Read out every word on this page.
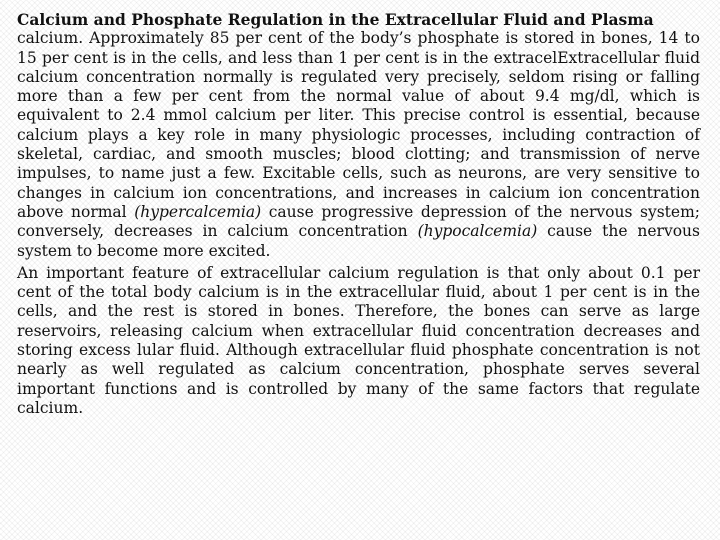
Calcium and Phosphate Regulation in the Extracellular Fluid and Plasma

calcium. Approximately 85 per cent of the body’s phosphate is stored in bones, 14 to 15 per cent is in the cells, and less than 1 per cent is in the extracelExtracellular fluid calcium concentration normally is regulated very precisely, seldom rising or falling more than a few per cent from the normal value of about 9.4 mg/dl, which is equivalent to 2.4 mmol calcium per liter. This precise control is essential, because calcium plays a key role in many physiologic processes, including contraction of skeletal, cardiac, and smooth muscles; blood clotting; and transmission of nerve impulses, to name just a few. Excitable cells, such as neurons, are very sensitive to changes in calcium ion concentrations, and increases in calcium ion concentration above normal (hypercalcemia) cause progressive depression of the nervous system; conversely, decreases in calcium concentration (hypocalcemia) cause the nervous system to become more excited.

An important feature of extracellular calcium regulation is that only about 0.1 per cent of the total body calcium is in the extracellular fluid, about 1 per cent is in the cells, and the rest is stored in bones. Therefore, the bones can serve as large reservoirs, releasing calcium when extracellular fluid concentration decreases and storing excess lular fluid. Although extracellular fluid phosphate concentration is not nearly as well regulated as calcium concentration, phosphate serves several important functions and is controlled by many of the same factors that regulate calcium.
